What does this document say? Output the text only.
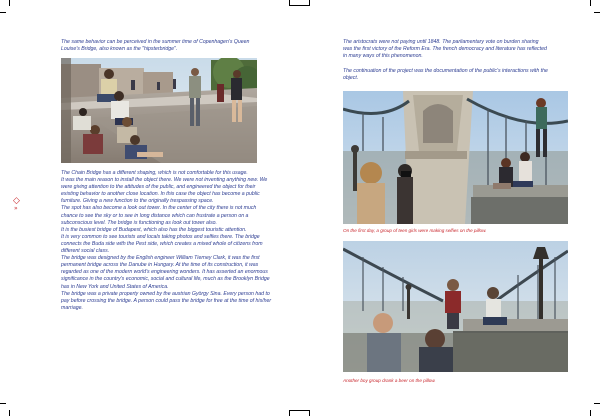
◇
»

The same behavior can be perceived in the summer time of Copenhagen's Queen Louise's Bridge, also known as the "hipsterbridge".

The Chain Bridge has a different shaping, which is not comfortable for this usage.

It was the main reason to install the object there. We were not inventing anything new. We were giving attention to the attitudes of the public, and engineered the object for their existing behavior to another close location. In this case the object has become a public furniture. Giving a new function to the originally trespassing space.

The spot has also become a look out tower. In the center of the city there is not much chance to see the sky or to see in long distance which can frustrate a person on a subconscious level. The bridge is functioning as look out tower also.

It is the busiest bridge of Budapest, which also has the biggest touristic attention.

It is very common to see tourists and locals taking photos and selfies there. The bridge connects the Buda side with the Pest side, which creates a mixed whole of citizens from different social class.

The bridge was designed by the English engineer William Tierney Clark, it was the first permanent bridge across the Danube in Hungary. At the time of its construction, it was regarded as one of the modern world's engineering wonders. It has asserted an enormous significance in the country's economic, social and cultural life, much as the Brooklyn Bridge has in New York and United States of America.

The bridge was a private property owned by the austrian György Sina. Every person had to pay before crossing the bridge. A person could pass the bridge for free at the time of his/her marriage.

The aristocrats were not paying until 1848. The parliamentary vote on burden sharing was the first victory of the Reform Era. The french democracy and literature has reflected in many ways of this phenomenon.

The continuation of the project was the documentation of the public's interactions with the object.

On the first day, a group of teen girls were making selfies on the pillow.

Another boy group drank a beer on the pillow.
